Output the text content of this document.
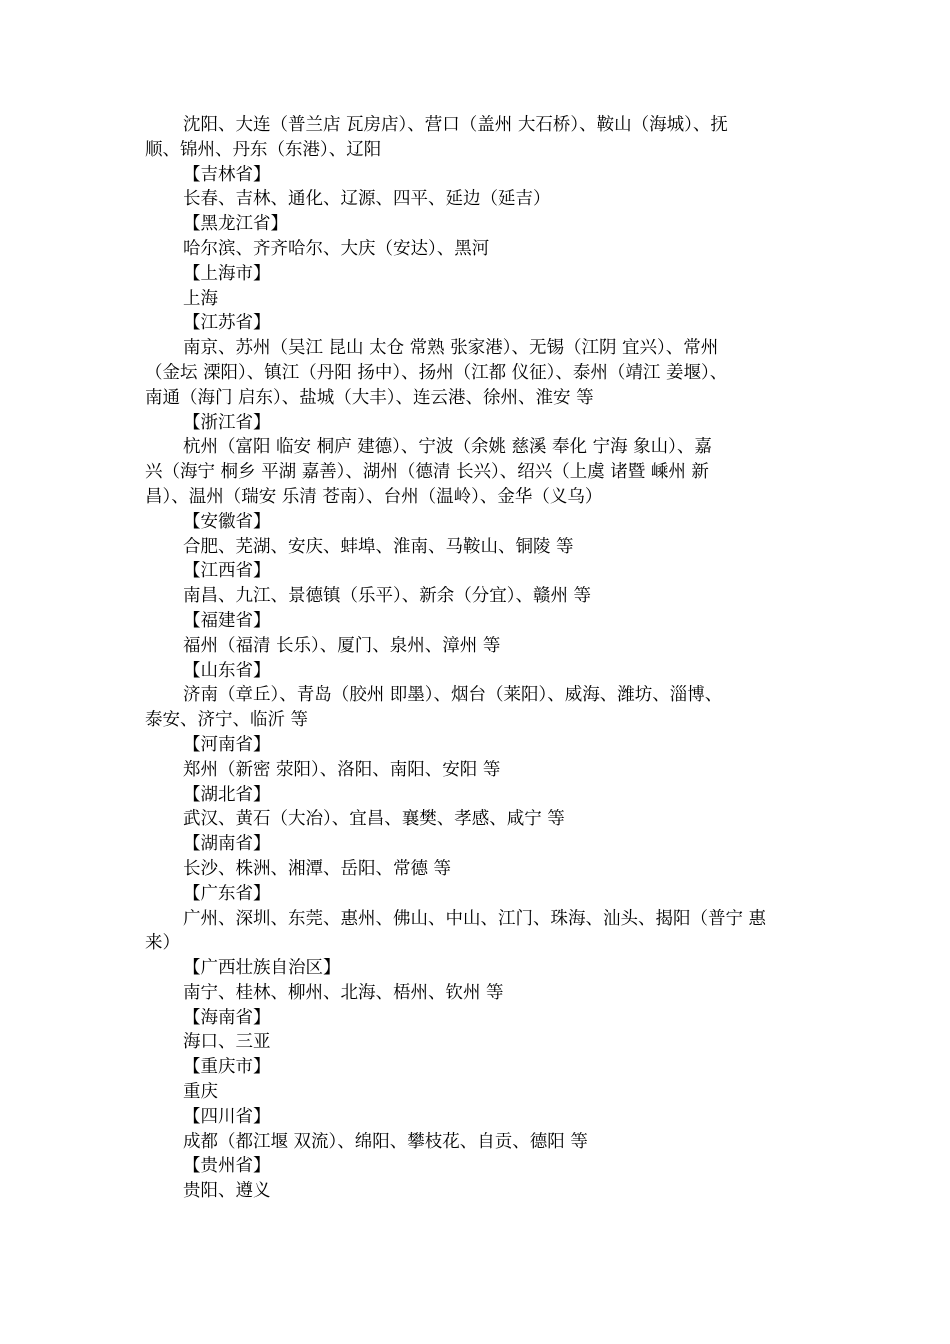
沈阳、大连（普兰店 瓦房店）、营口（盖州 大石桥）、鞍山（海城）、抚
顺、锦州、丹东（东港）、辽阳
【吉林省】
长春、吉林、通化、辽源、四平、延边（延吉）
【黑龙江省】
哈尔滨、齐齐哈尔、大庆（安达）、黑河
【上海市】
上海
【江苏省】
南京、苏州（吴江 昆山 太仓 常熟 张家港）、无锡（江阴 宜兴）、常州
（金坛 溧阳）、镇江（丹阳 扬中）、扬州（江都 仪征）、泰州（靖江 姜堰）、
南通（海门 启东）、盐城（大丰）、连云港、徐州、淮安 等
【浙江省】
杭州（富阳 临安 桐庐 建德）、宁波（余姚 慈溪 奉化 宁海 象山）、嘉
兴（海宁 桐乡 平湖 嘉善）、湖州（德清 长兴）、绍兴（上虞 诸暨 嵊州 新
昌）、温州（瑞安 乐清 苍南）、台州（温岭）、金华（义乌）
【安徽省】
合肥、芜湖、安庆、蚌埠、淮南、马鞍山、铜陵 等
【江西省】
南昌、九江、景德镇（乐平）、新余（分宜）、赣州 等
【福建省】
福州（福清 长乐）、厦门、泉州、漳州 等
【山东省】
济南（章丘）、青岛（胶州 即墨）、烟台（莱阳）、威海、潍坊、淄博、
泰安、济宁、临沂 等
【河南省】
郑州（新密 荥阳）、洛阳、南阳、安阳 等
【湖北省】
武汉、黄石（大冶）、宜昌、襄樊、孝感、咸宁 等
【湖南省】
长沙、株洲、湘潭、岳阳、常德 等
【广东省】
广州、深圳、东莞、惠州、佛山、中山、江门、珠海、汕头、揭阳（普宁 惠
来）
【广西壮族自治区】
南宁、桂林、柳州、北海、梧州、钦州 等
【海南省】
海口、三亚
【重庆市】
重庆
【四川省】
成都（都江堰 双流）、绵阳、攀枝花、自贡、德阳 等
【贵州省】
贵阳、遵义
